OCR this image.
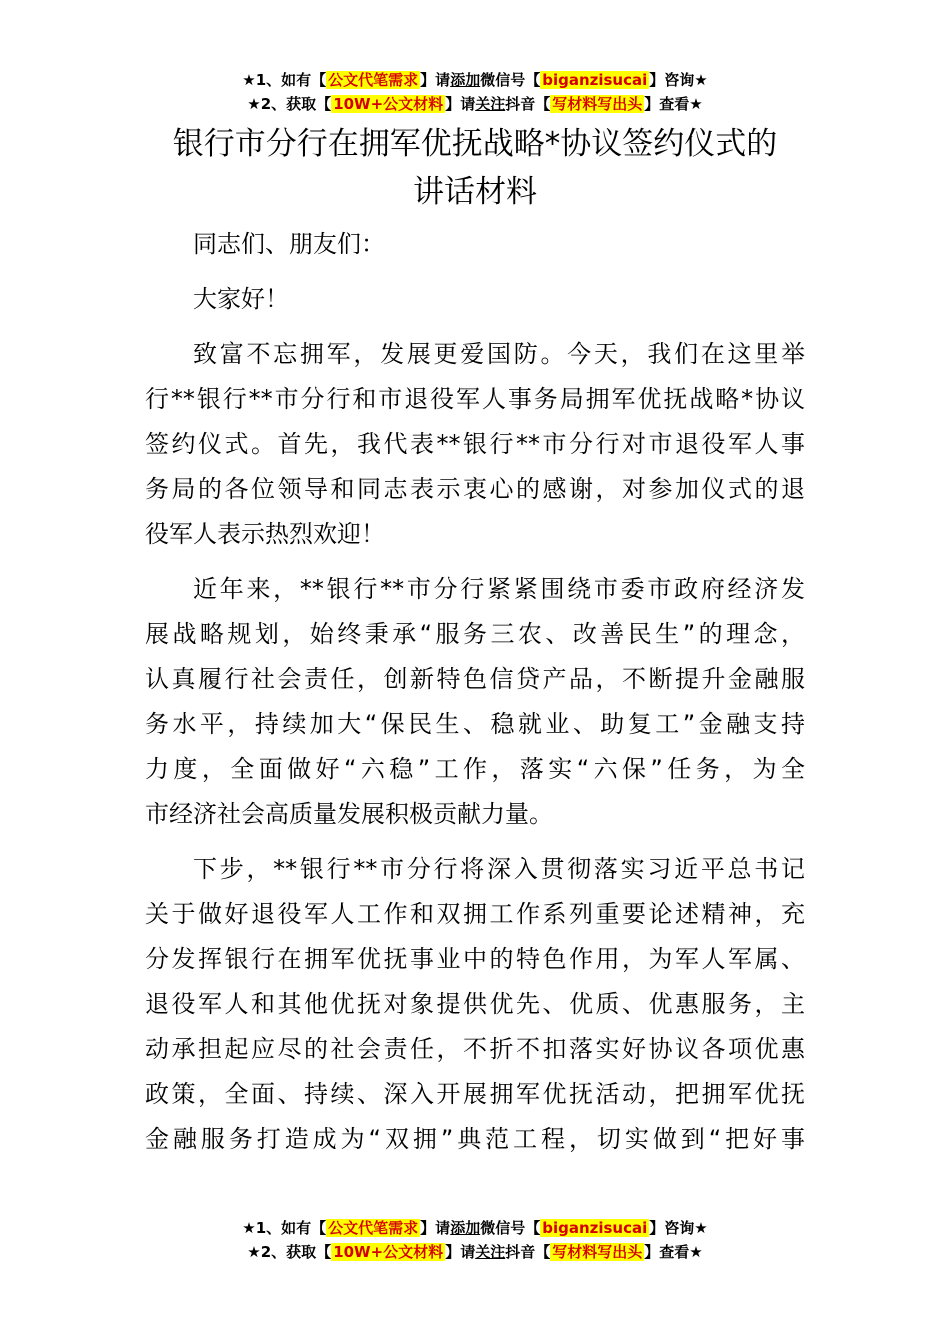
★1、如有【 公文代笔需求 】请添加微信号【 biganzisucai 】咨询★
★2、获取【 10W+公文材料 】请关注抖音【 写材料写出头 】查看★
银行市分行在拥军优抚战略*协议签约仪式的
讲话材料

同志们、朋友们：

大家好！

致富不忘拥军，发展更爱国防。今天，我们在这里举
行**银行**市分行和市退役军人事务局拥军优抚战略*协议
签约仪式。首先，我代表**银行**市分行对市退役军人事
务局的各位领导和同志表示衷心的感谢，对参加仪式的退
役军人表示热烈欢迎！

近年来，**银行**市分行紧紧围绕市委市政府经济发
展战略规划，始终秉承“服务三农、改善民生”的理念，
认真履行社会责任，创新特色信贷产品，不断提升金融服
务水平，持续加大“保民生、稳就业、助复工”金融支持
力度，全面做好“六稳”工作，落实“六保”任务，为全
市经济社会高质量发展积极贡献力量。

下步，**银行**市分行将深入贯彻落实习近平总书记
关于做好退役军人工作和双拥工作系列重要论述精神，充
分发挥银行在拥军优抚事业中的特色作用，为军人军属、
退役军人和其他优抚对象提供优先、优质、优惠服务，主
动承担起应尽的社会责任，不折不扣落实好协议各项优惠
政策，全面、持续、深入开展拥军优抚活动，把拥军优抚
金融服务打造成为“双拥”典范工程，切实做到“把好事

★1、如有【 公文代笔需求 】请添加微信号【 biganzisucai 】咨询★
★2、获取【 10W+公文材料 】请关注抖音【 写材料写出头 】查看★
